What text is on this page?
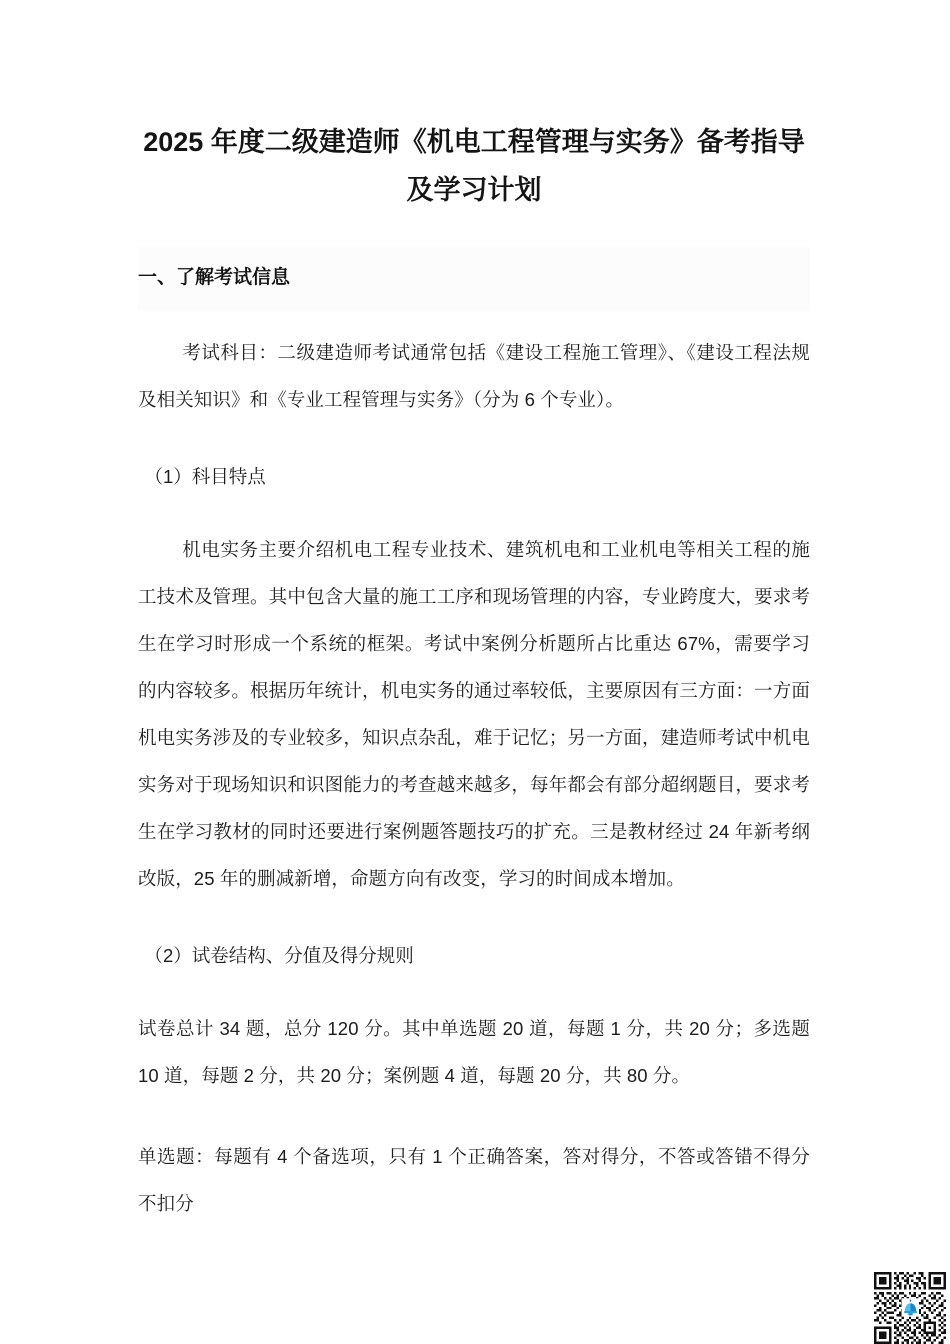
2025 年度二级建造师《机电工程管理与实务》备考指导及学习计划
一、了解考试信息

考试科目：二级建造师考试通常包括《建设工程施工管理》、《建设工程法规及相关知识》和《专业工程管理与实务》（分为 6 个专业）。

（1）科目特点

机电实务主要介绍机电工程专业技术、建筑机电和工业机电等相关工程的施工技术及管理。其中包含大量的施工工序和现场管理的内容，专业跨度大，要求考生在学习时形成一个系统的框架。考试中案例分析题所占比重达 67%，需要学习的内容较多。根据历年统计，机电实务的通过率较低，主要原因有三方面：一方面机电实务涉及的专业较多，知识点杂乱，难于记忆；另一方面，建造师考试中机电实务对于现场知识和识图能力的考查越来越多，每年都会有部分超纲题目，要求考生在学习教材的同时还要进行案例题答题技巧的扩充。三是教材经过 24 年新考纲改版，25 年的删减新增，命题方向有改变，学习的时间成本增加。

（2）试卷结构、分值及得分规则

试卷总计 34 题，总分 120 分。其中单选题 20 道，每题 1 分，共 20 分；多选题 10 道，每题 2 分，共 20 分；案例题 4 道，每题 20 分，共 80 分。

单选题：每题有 4 个备选项，只有 1 个正确答案，答对得分，不答或答错不得分不扣分
